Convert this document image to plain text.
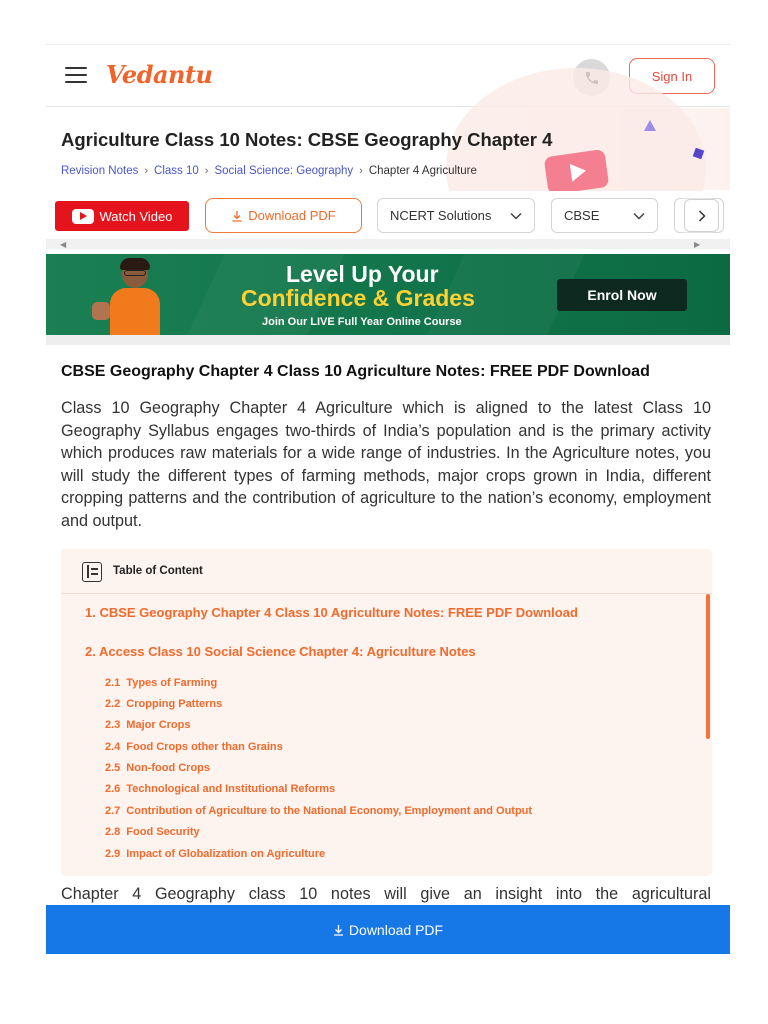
Vedantu	Sign In
Agriculture Class 10 Notes: CBSE Geography Chapter 4
Revision Notes › Class 10 › Social Science: Geography › Chapter 4 Agriculture
Watch Video	Download PDF	NCERT Solutions	CBSE
◀	▶
Level Up Your
Confidence & Grades
Join Our LIVE Full Year Online Course
Enrol Now
CBSE Geography Chapter 4 Class 10 Agriculture Notes: FREE PDF Download

Class 10 Geography Chapter 4 Agriculture which is aligned to the latest Class 10 Geography Syllabus engages two-thirds of India’s population and is the primary activity which produces raw materials for a wide range of industries. In the Agriculture notes, you will study the different types of farming methods, major crops grown in India, different cropping patterns and the contribution of agriculture to the nation’s economy, employment and output.

Table of Content
1. CBSE Geography Chapter 4 Class 10 Agriculture Notes: FREE PDF Download
2. Access Class 10 Social Science Chapter 4: Agriculture Notes
2.1 Types of Farming
2.2 Cropping Patterns
2.3 Major Crops
2.4 Food Crops other than Grains
2.5 Non-food Crops
2.6 Technological and Institutional Reforms
2.7 Contribution of Agriculture to the National Economy, Employment and Output
2.8 Food Security
2.9 Impact of Globalization on Agriculture
Chapter 4 Geography class 10 notes will give an insight into the agricultural
Download PDF
